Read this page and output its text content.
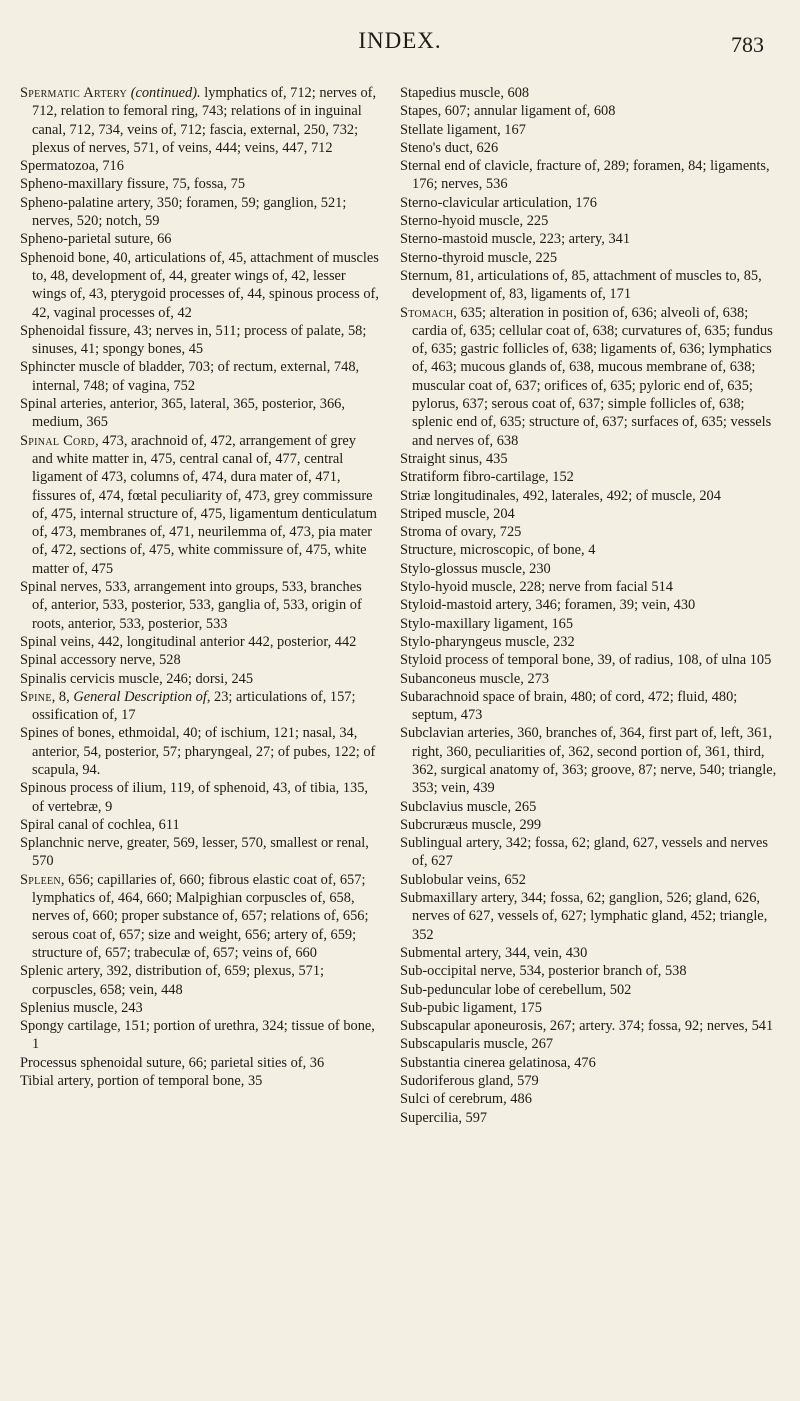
INDEX.	783

Spermatic Artery (continued). lymphatics of, 712; nerves of, 712, relation to femoral ring, 743; relations of in inguinal canal, 712, 734, veins of, 712; fascia, external, 250, 732; plexus of nerves, 571, of veins, 444; veins, 447, 712

Spermatozoa, 716

Spheno-maxillary fissure, 75, fossa, 75

Spheno-palatine artery, 350; foramen, 59; ganglion, 521; nerves, 520; notch, 59

Spheno-parietal suture, 66

Sphenoid bone, 40, articulations of, 45, attachment of muscles to, 48, development of, 44, greater wings of, 42, lesser wings of, 43, pterygoid processes of, 44, spinous process of, 42, vaginal processes of, 42

Sphenoidal fissure, 43; nerves in, 511; process of palate, 58; sinuses, 41; spongy bones, 45

Sphincter muscle of bladder, 703; of rectum, external, 748, internal, 748; of vagina, 752

Spinal arteries, anterior, 365, lateral, 365, posterior, 366, medium, 365

Spinal Cord, 473, arachnoid of, 472, arrangement of grey and white matter in, 475, central canal of, 477, central ligament of 473, columns of, 474, dura mater of, 471, fissures of, 474, fœtal peculiarity of, 473, grey commissure of, 475, internal structure of, 475, ligamentum denticulatum of, 473, membranes of, 471, neurilemma of, 473, pia mater of, 472, sections of, 475, white commissure of, 475, white matter of, 475

Spinal nerves, 533, arrangement into groups, 533, branches of, anterior, 533, posterior, 533, ganglia of, 533, origin of roots, anterior, 533, posterior, 533

Spinal veins, 442, longitudinal anterior 442, posterior, 442

Spinal accessory nerve, 528

Spinalis cervicis muscle, 246; dorsi, 245

Spine, 8, General Description of, 23; articulations of, 157; ossification of, 17

Spines of bones, ethmoidal, 40; of ischium, 121; nasal, 34, anterior, 54, posterior, 57; pharyngeal, 27; of pubes, 122; of scapula, 94.

Spinous process of ilium, 119, of sphenoid, 43, of tibia, 135, of vertebræ, 9

Spiral canal of cochlea, 611

Splanchnic nerve, greater, 569, lesser, 570, smallest or renal, 570

Spleen, 656; capillaries of, 660; fibrous elastic coat of, 657; lymphatics of, 464, 660; Malpighian corpuscles of, 658, nerves of, 660; proper substance of, 657; relations of, 656; serous coat of, 657; size and weight, 656; artery of, 659; structure of, 657; trabeculæ of, 657; veins of, 660

Splenic artery, 392, distribution of, 659; plexus, 571; corpuscles, 658; vein, 448

Splenius muscle, 243

Spongy cartilage, 151; portion of urethra, 324; tissue of bone, 1

Processus sphenoidal suture, 66; parietal sities of, 36

Tibial artery, portion of temporal bone, 35

Stapedius muscle, 608

Stapes, 607; annular ligament of, 608

Stellate ligament, 167

Steno's duct, 626

Sternal end of clavicle, fracture of, 289; foramen, 84; ligaments, 176; nerves, 536

Sterno-clavicular articulation, 176

Sterno-hyoid muscle, 225

Sterno-mastoid muscle, 223; artery, 341

Sterno-thyroid muscle, 225

Sternum, 81, articulations of, 85, attachment of muscles to, 85, development of, 83, ligaments of, 171

Stomach, 635; alteration in position of, 636; alveoli of, 638; cardia of, 635; cellular coat of, 638; curvatures of, 635; fundus of, 635; gastric follicles of, 638; ligaments of, 636; lymphatics of, 463; mucous glands of, 638, mucous membrane of, 638; muscular coat of, 637; orifices of, 635; pyloric end of, 635; pylorus, 637; serous coat of, 637; simple follicles of, 638; splenic end of, 635; structure of, 637; surfaces of, 635; vessels and nerves of, 638

Straight sinus, 435

Stratiform fibro-cartilage, 152

Striæ longitudinales, 492, laterales, 492; of muscle, 204

Striped muscle, 204

Stroma of ovary, 725

Structure, microscopic, of bone, 4

Stylo-glossus muscle, 230

Stylo-hyoid muscle, 228; nerve from facial 514

Styloid-mastoid artery, 346; foramen, 39; vein, 430

Stylo-maxillary ligament, 165

Stylo-pharyngeus muscle, 232

Styloid process of temporal bone, 39, of radius, 108, of ulna 105

Subanconeus muscle, 273

Subarachnoid space of brain, 480; of cord, 472; fluid, 480; septum, 473

Subclavian arteries, 360, branches of, 364, first part of, left, 361, right, 360, peculiarities of, 362, second portion of, 361, third, 362, surgical anatomy of, 363; groove, 87; nerve, 540; triangle, 353; vein, 439

Subclavius muscle, 265

Subcruræus muscle, 299

Sublingual artery, 342; fossa, 62; gland, 627, vessels and nerves of, 627

Sublobular veins, 652

Submaxillary artery, 344; fossa, 62; ganglion, 526; gland, 626, nerves of 627, vessels of, 627; lymphatic gland, 452; triangle, 352

Submental artery, 344, vein, 430

Sub-occipital nerve, 534, posterior branch of, 538

Sub-peduncular lobe of cerebellum, 502

Sub-pubic ligament, 175

Subscapular aponeurosis, 267; artery. 374; fossa, 92; nerves, 541

Subscapularis muscle, 267

Substantia cinerea gelatinosa, 476

Sudoriferous gland, 579

Sulci of cerebrum, 486

Supercilia, 597
